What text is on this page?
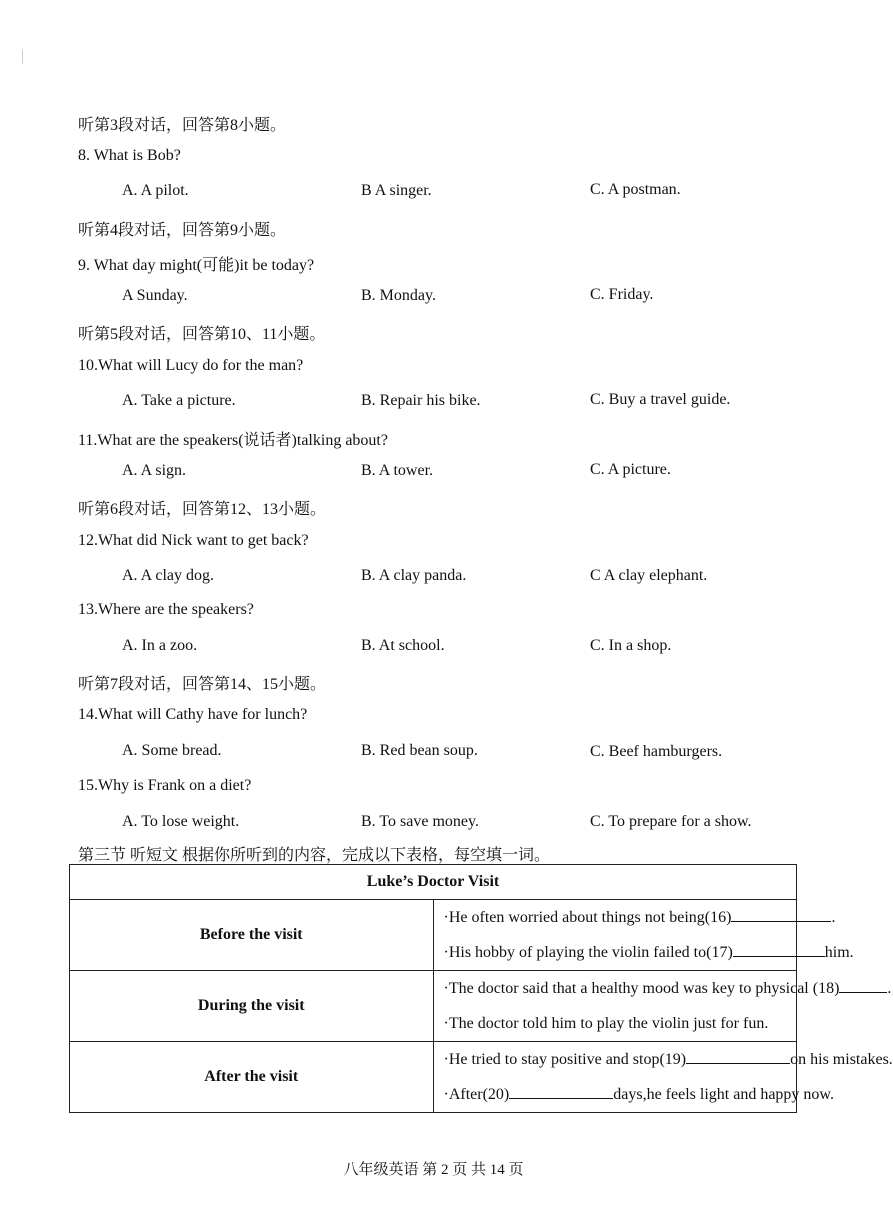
听第3段对话，回答第8小题。
8. What is Bob?
A. A pilot.	B A singer.	C. A postman.
听第4段对话，回答第9小题。
9. What day might(可能)it be today?
A Sunday.	B. Monday.	C. Friday.
听第5段对话，回答第10、11小题。
10.What will Lucy do for the man?
A. Take a picture.	B. Repair his bike.	C. Buy a travel guide.
11.What are the speakers(说话者)talking about?
A. A sign.	B. A tower.	C. A picture.
听第6段对话，回答第12、13小题。
12.What did Nick want to get back?
A. A clay dog.	B. A clay panda.	C A clay elephant.
13.Where are the speakers?
A. In a zoo.	B. At school.	C. In a shop.
听第7段对话，回答第14、15小题。
14.What will Cathy have for lunch?
A. Some bread.	B. Red bean soup.	C. Beef hamburgers.
15.Why is Frank on a diet?
A. To lose weight.	B. To save money.	C. To prepare for a show.
第三节 听短文 根据你所听到的内容，完成以下表格，每空填一词。
Luke’s Doctor Visit	
Before the visit	·He often worried about things not being(16) .
·His hobby of playing the violin failed to(17) him.

During the visit	·The doctor said that a healthy mood was key to physical (18) .
·The doctor told him to play the violin just for fun.

After the visit	·He tried to stay positive and stop(19) on his mistakes.
·After(20) days,he feels light and happy now.
八年级英语 第 2 页 共 14 页
